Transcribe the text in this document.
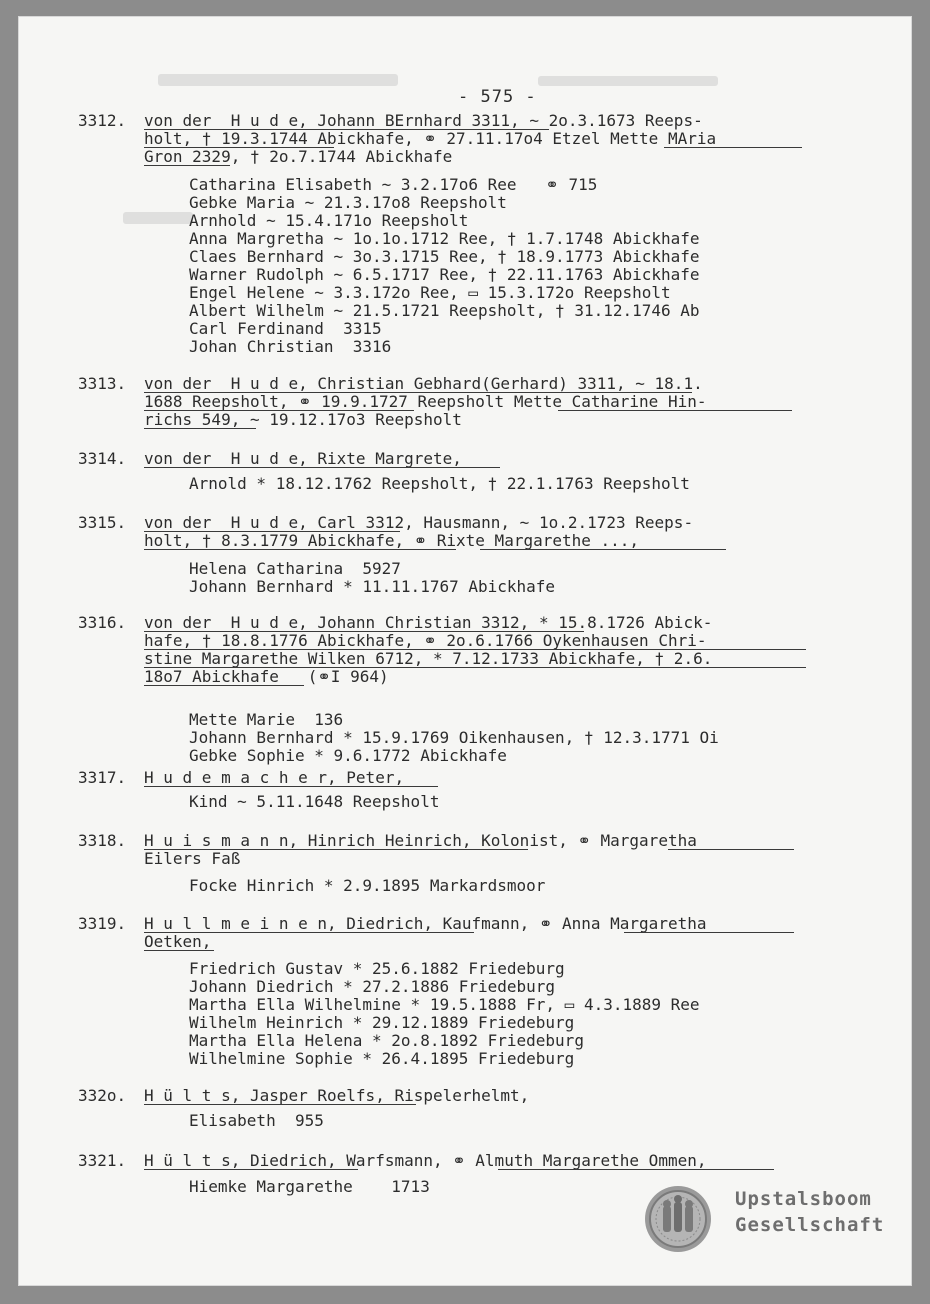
- 575 -

3312.

von der  H u d e, Johann BErnhard 3311, ~ 2o.3.1673 Reeps-

holt, † 19.3.1744 Abickhafe, ⚭ 27.11.17o4 Etzel Mette MAria

Gron 2329, † 2o.7.1744 Abickhafe

Catharina Elisabeth ~ 3.2.17o6 Ree   ⚭ 715

Gebke Maria ~ 21.3.17o8 Reepsholt

Arnhold ~ 15.4.171o Reepsholt

Anna Margretha ~ 1o.1o.1712 Ree, † 1.7.1748 Abickhafe

Claes Bernhard ~ 3o.3.1715 Ree, † 18.9.1773 Abickhafe

Warner Rudolph ~ 6.5.1717 Ree, † 22.11.1763 Abickhafe

Engel Helene ~ 3.3.172o Ree, ▭ 15.3.172o Reepsholt

Albert Wilhelm ~ 21.5.1721 Reepsholt, † 31.12.1746 Ab

Carl Ferdinand  3315

Johan Christian  3316

3313.

von der  H u d e, Christian Gebhard(Gerhard) 3311, ~ 18.1.

1688 Reepsholt, ⚭ 19.9.1727 Reepsholt Mette Catharine Hin-

richs 549, ~ 19.12.17o3 Reepsholt

3314.

von der  H u d e, Rixte Margrete,

Arnold * 18.12.1762 Reepsholt, † 22.1.1763 Reepsholt

3315.

von der  H u d e, Carl 3312, Hausmann, ~ 1o.2.1723 Reeps-

holt, † 8.3.1779 Abickhafe, ⚭ Rixte Margarethe ...,

Helena Catharina  5927

Johann Bernhard * 11.11.1767 Abickhafe

3316.

von der  H u d e, Johann Christian 3312, * 15.8.1726 Abick-

hafe, † 18.8.1776 Abickhafe, ⚭ 2o.6.1766 Oykenhausen Chri-

stine Margarethe Wilken 6712, * 7.12.1733 Abickhafe, † 2.6.

18o7 Abickhafe   (⚭I 964)

Mette Marie  136

Johann Bernhard * 15.9.1769 Oikenhausen, † 12.3.1771 Oi

Gebke Sophie * 9.6.1772 Abickhafe

3317.

H u d e m a c h e r, Peter,

Kind ~ 5.11.1648 Reepsholt

3318.

H u i s m a n n, Hinrich Heinrich, Kolonist, ⚭ Margaretha

Eilers Faß

Focke Hinrich * 2.9.1895 Markardsmoor

3319.

H u l l m e i n e n, Diedrich, Kaufmann, ⚭ Anna Margaretha

Oetken,

Friedrich Gustav * 25.6.1882 Friedeburg

Johann Diedrich * 27.2.1886 Friedeburg

Martha Ella Wilhelmine * 19.5.1888 Fr, ▭ 4.3.1889 Ree

Wilhelm Heinrich * 29.12.1889 Friedeburg

Martha Ella Helena * 2o.8.1892 Friedeburg

Wilhelmine Sophie * 26.4.1895 Friedeburg

332o.

H ü l t s, Jasper Roelfs, Rispelerhelmt,

Elisabeth  955

3321.

H ü l t s, Diedrich, Warfsmann, ⚭ Almuth Margarethe Ommen,

Hiemke Margarethe    1713

Upstalsboom
Gesellschaft
